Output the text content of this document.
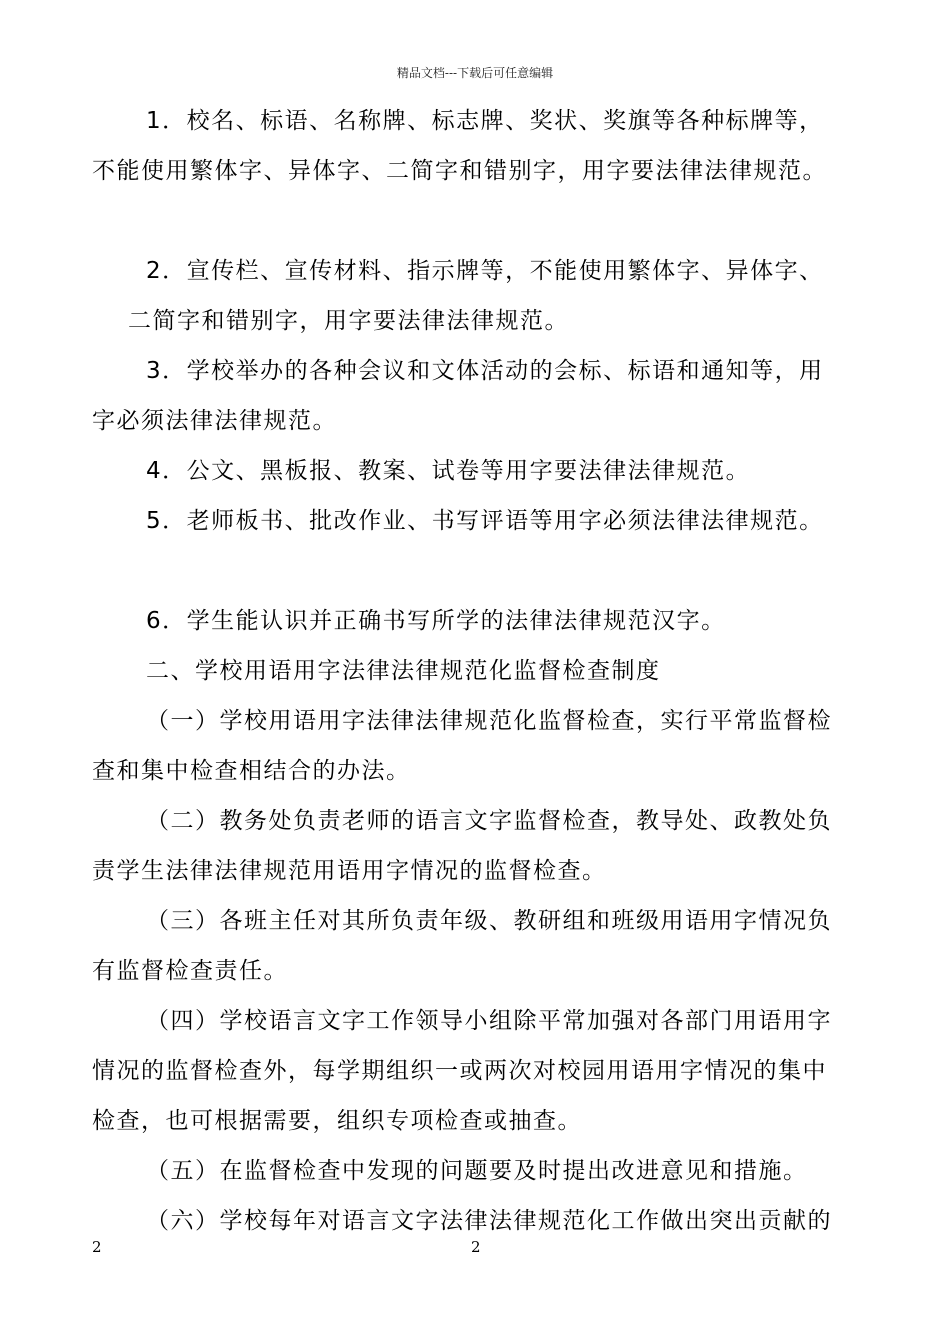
精品文档---下载后可任意编辑
1．校名、标语、名称牌、标志牌、奖状、奖旗等各种标牌等，
不能使用繁体字、异体字、二简字和错别字，用字要法律法律规范。
2．宣传栏、宣传材料、指示牌等，不能使用繁体字、异体字、
二简字和错别字，用字要法律法律规范。
3．学校举办的各种会议和文体活动的会标、标语和通知等，用
字必须法律法律规范。
4．公文、黑板报、教案、试卷等用字要法律法律规范。
5．老师板书、批改作业、书写评语等用字必须法律法律规范。
6．学生能认识并正确书写所学的法律法律规范汉字。
二、学校用语用字法律法律规范化监督检查制度
（一）学校用语用字法律法律规范化监督检查，实行平常监督检
查和集中检查相结合的办法。
（二）教务处负责老师的语言文字监督检查，教导处、政教处负
责学生法律法律规范用语用字情况的监督检查。
（三）各班主任对其所负责年级、教研组和班级用语用字情况负
有监督检查责任。
（四）学校语言文字工作领导小组除平常加强对各部门用语用字
情况的监督检查外，每学期组织一或两次对校园用语用字情况的集中
检查，也可根据需要，组织专项检查或抽查。
（五）在监督检查中发现的问题要及时提出改进意见和措施。
（六）学校每年对语言文字法律法律规范化工作做出突出贡献的
2	2
